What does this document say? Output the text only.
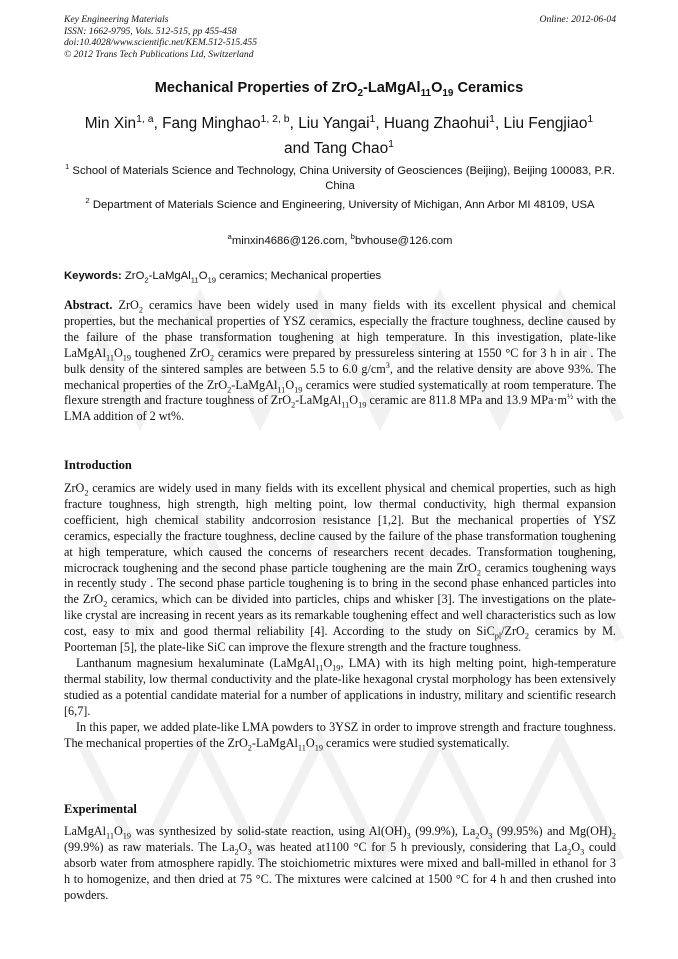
Key Engineering Materials
ISSN: 1662-9795, Vols. 512-515, pp 455-458
doi:10.4028/www.scientific.net/KEM.512-515.455
© 2012 Trans Tech Publications Ltd, Switzerland
Online: 2012-06-04
Mechanical Properties of $ZrO_2-LaMgAl_{11}O_{19}$ Ceramics
Min Xin$^{1, a}$, Fang Minghao$^{1, 2, b}$, Liu Yangai$^1$, Huang Zhaohui$^1$, Liu Fengjiao$^1$
and Tang Chao$^1$
$^1$ School of Materials Science and Technology, China University of Geosciences (Beijing), Beijing 100083, P.R. China
$^2$ Department of Materials Science and Engineering, University of Michigan, Ann Arbor MI 48109, USA
$^a$minxin4686@126.com, $^b$bvhouse@126.com
Keywords: $ZrO_2-LaMgAl_{11}O_{19}$ ceramics; Mechanical properties

Abstract. ZrO$_2$ ceramics have been widely used in many fields with its excellent physical and chemical properties, but the mechanical properties of YSZ ceramics, especially the fracture toughness, decline caused by the failure of the phase transformation toughening at high temperature. In this investigation, plate-like $LaMgAl_{11}O_{19}$ toughened ZrO$_2$ ceramics were prepared by pressureless sintering at 1550 °C for 3 h in air . The bulk density of the sintered samples are between 5.5 to 6.0 $g/cm^3$, and the relative density are above 93%. The mechanical properties of the $ZrO_2-LaMgAl_{11}O_{19}$ ceramics were studied systematically at room temperature. The flexure strength and fracture toughness of $ZrO_2-LaMgAl_{11}O_{19}$ ceramic are 811.8 MPa and 13.9 $MPa\cdot m^{\frac{1}{2}}$ with the LMA addition of 2 wt%.

Introduction

ZrO$_2$ ceramics are widely used in many fields with its excellent physical and chemical properties, such as high fracture toughness, high strength, high melting point, low thermal conductivity, high thermal expansion coefficient, high chemical stability andcorrosion resistance [1,2]. But the mechanical properties of YSZ ceramics, especially the fracture toughness, decline caused by the failure of the phase transformation toughening at high temperature, which caused the concerns of researchers recent decades. Transformation toughening, microcrack toughening and the second phase particle toughening are the main ZrO$_2$ ceramics toughening ways in recently study . The second phase particle toughening is to bring in the second phase enhanced particles into the ZrO$_2$ ceramics, which can be divided into particles, chips and whisker [3]. The investigations on the plate-like crystal are increasing in recent years as its remarkable toughening effect and well characteristics such as low cost, easy to mix and good thermal reliability [4]. According to the study on SiC$_{pl}$/ZrO$_2$ ceramics by M. Poorteman [5], the plate-like SiC can improve the flexure strength and the fracture toughness.

Lanthanum magnesium hexaluminate ($LaMgAl_{11}O_{19}$, LMA) with its high melting point, high-temperature thermal stability, low thermal conductivity and the plate-like hexagonal crystal morphology has been extensively studied as a potential candidate material for a number of applications in industry, military and scientific research [6,7].

In this paper, we added plate-like LMA powders to 3YSZ in order to improve strength and fracture toughness. The mechanical properties of the $ZrO_2-LaMgAl_{11}O_{19}$ ceramics were studied systematically.

Experimental

$LaMgAl_{11}O_{19}$ was synthesized by solid-state reaction, using $Al(OH)_3$ (99.9%), $La_2O_3$ (99.95%) and $Mg(OH)_2$ (99.9%) as raw materials. The $La_2O_3$ was heated at1100 °C for 5 h previously, considering that $La_2O_3$ could absorb water from atmosphere rapidly. The stoichiometric mixtures were mixed and ball-milled in ethanol for 3 h to homogenize, and then dried at 75 °C. The mixtures were calcined at 1500 °C for 4 h and then crushed into powders.
